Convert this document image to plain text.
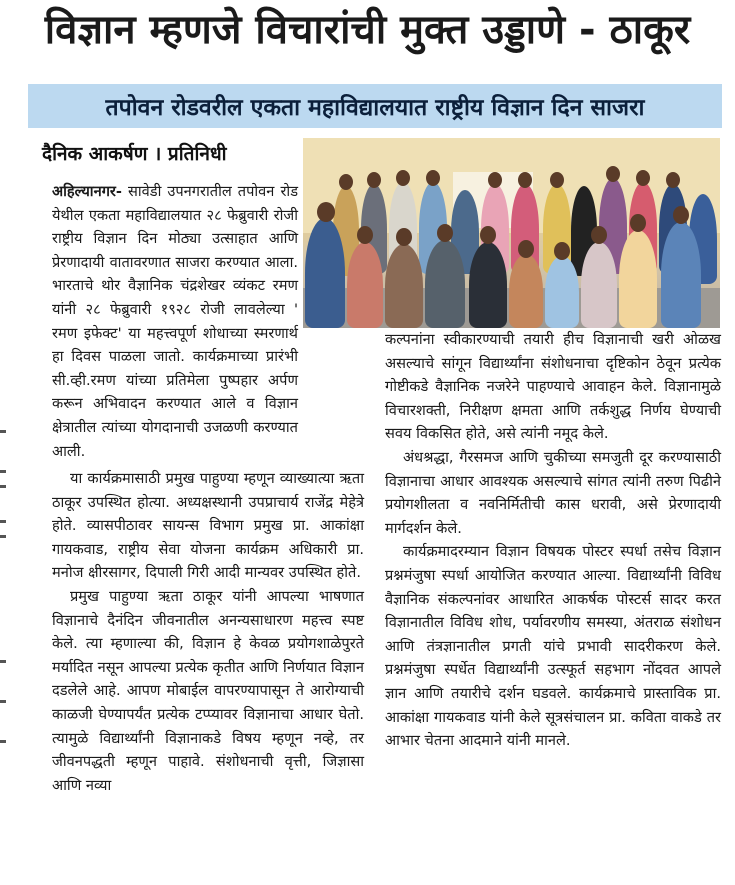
विज्ञान म्हणजे विचारांची मुक्त उड्डाणे - ठाकूर
तपोवन रोडवरील एकता महाविद्यालयात राष्ट्रीय विज्ञान दिन साजरा
दैनिक आकर्षण । प्रतिनिधी

अहिल्यानगर- सावेडी उपनगरातील तपोवन रोड येथील एकता महाविद्यालयात २८ फेब्रुवारी रोजी राष्ट्रीय विज्ञान दिन मोठ्या उत्साहात आणि प्रेरणादायी वातावरणात साजरा करण्यात आला. भारताचे थोर वैज्ञानिक चंद्रशेखर व्यंकट रमण यांनी २८ फेब्रुवारी १९२८ रोजी लावलेल्या ' रमण इफेक्ट' या महत्त्वपूर्ण शोधाच्या स्मरणार्थ हा दिवस पाळला जातो. कार्यक्रमाच्या प्रारंभी सी.व्ही.रमण यांच्या प्रतिमेला पुष्पहार अर्पण करून अभिवादन करण्यात आले व विज्ञान क्षेत्रातील त्यांच्या योगदानाची उजळणी करण्यात आली.

कल्पनांना स्वीकारण्याची तयारी हीच विज्ञानाची खरी ओळख असल्याचे सांगून विद्यार्थ्यांना संशोधनाचा दृष्टिकोन ठेवून प्रत्येक गोष्टीकडे वैज्ञानिक नजरेने पाहण्याचे आवाहन केले. विज्ञानामुळे विचारशक्ती, निरीक्षण क्षमता आणि तर्कशुद्ध निर्णय घेण्याची सवय विकसित होते, असे त्यांनी नमूद केले.

अंधश्रद्धा, गैरसमज आणि चुकीच्या समजुती दूर करण्यासाठी विज्ञानाचा आधार आवश्यक असल्याचे सांगत त्यांनी तरुण पिढीने प्रयोगशीलता व नवनिर्मितीची कास धरावी, असे प्रेरणादायी मार्गदर्शन केले.

कार्यक्रमादरम्यान विज्ञान विषयक पोस्टर स्पर्धा तसेच विज्ञान प्रश्नमंजुषा स्पर्धा आयोजित करण्यात आल्या. विद्यार्थ्यांनी विविध वैज्ञानिक संकल्पनांवर आधारित आकर्षक पोस्टर्स सादर करत विज्ञानातील विविध शोध, पर्यावरणीय समस्या, अंतराळ संशोधन आणि तंत्रज्ञानातील प्रगती यांचे प्रभावी सादरीकरण केले. प्रश्नमंजुषा स्पर्धेत विद्यार्थ्यांनी उत्स्फूर्त सहभाग नोंदवत आपले ज्ञान आणि तयारीचे दर्शन घडवले. कार्यक्रमाचे प्रास्ताविक प्रा. आकांक्षा गायकवाड यांनी केले सूत्रसंचालन प्रा. कविता वाकडे तर आभार चेतना आदमाने यांनी मानले.

या कार्यक्रमासाठी प्रमुख पाहुण्या म्हणून व्याख्यात्या ऋता ठाकूर उपस्थित होत्या. अध्यक्षस्थानी उपप्राचार्य राजेंद्र मेहेत्रे होते. व्यासपीठावर सायन्स विभाग प्रमुख प्रा. आकांक्षा गायकवाड, राष्ट्रीय सेवा योजना कार्यक्रम अधिकारी प्रा. मनोज क्षीरसागर, दिपाली गिरी आदी मान्यवर उपस्थित होते.

प्रमुख पाहुण्या ऋता ठाकूर यांनी आपल्या भाषणात विज्ञानाचे दैनंदिन जीवनातील अनन्यसाधारण महत्त्व स्पष्ट केले. त्या म्हणाल्या की, विज्ञान हे केवळ प्रयोगशाळेपुरते मर्यादित नसून आपल्या प्रत्येक कृतीत आणि निर्णयात विज्ञान दडलेले आहे. आपण मोबाईल वापरण्यापासून ते आरोग्याची काळजी घेण्यापर्यंत प्रत्येक टप्प्यावर विज्ञानाचा आधार घेतो. त्यामुळे विद्यार्थ्यांनी विज्ञानाकडे विषय म्हणून नव्हे, तर जीवनपद्धती म्हणून पाहावे. संशोधनाची वृत्ती, जिज्ञासा आणि नव्या
